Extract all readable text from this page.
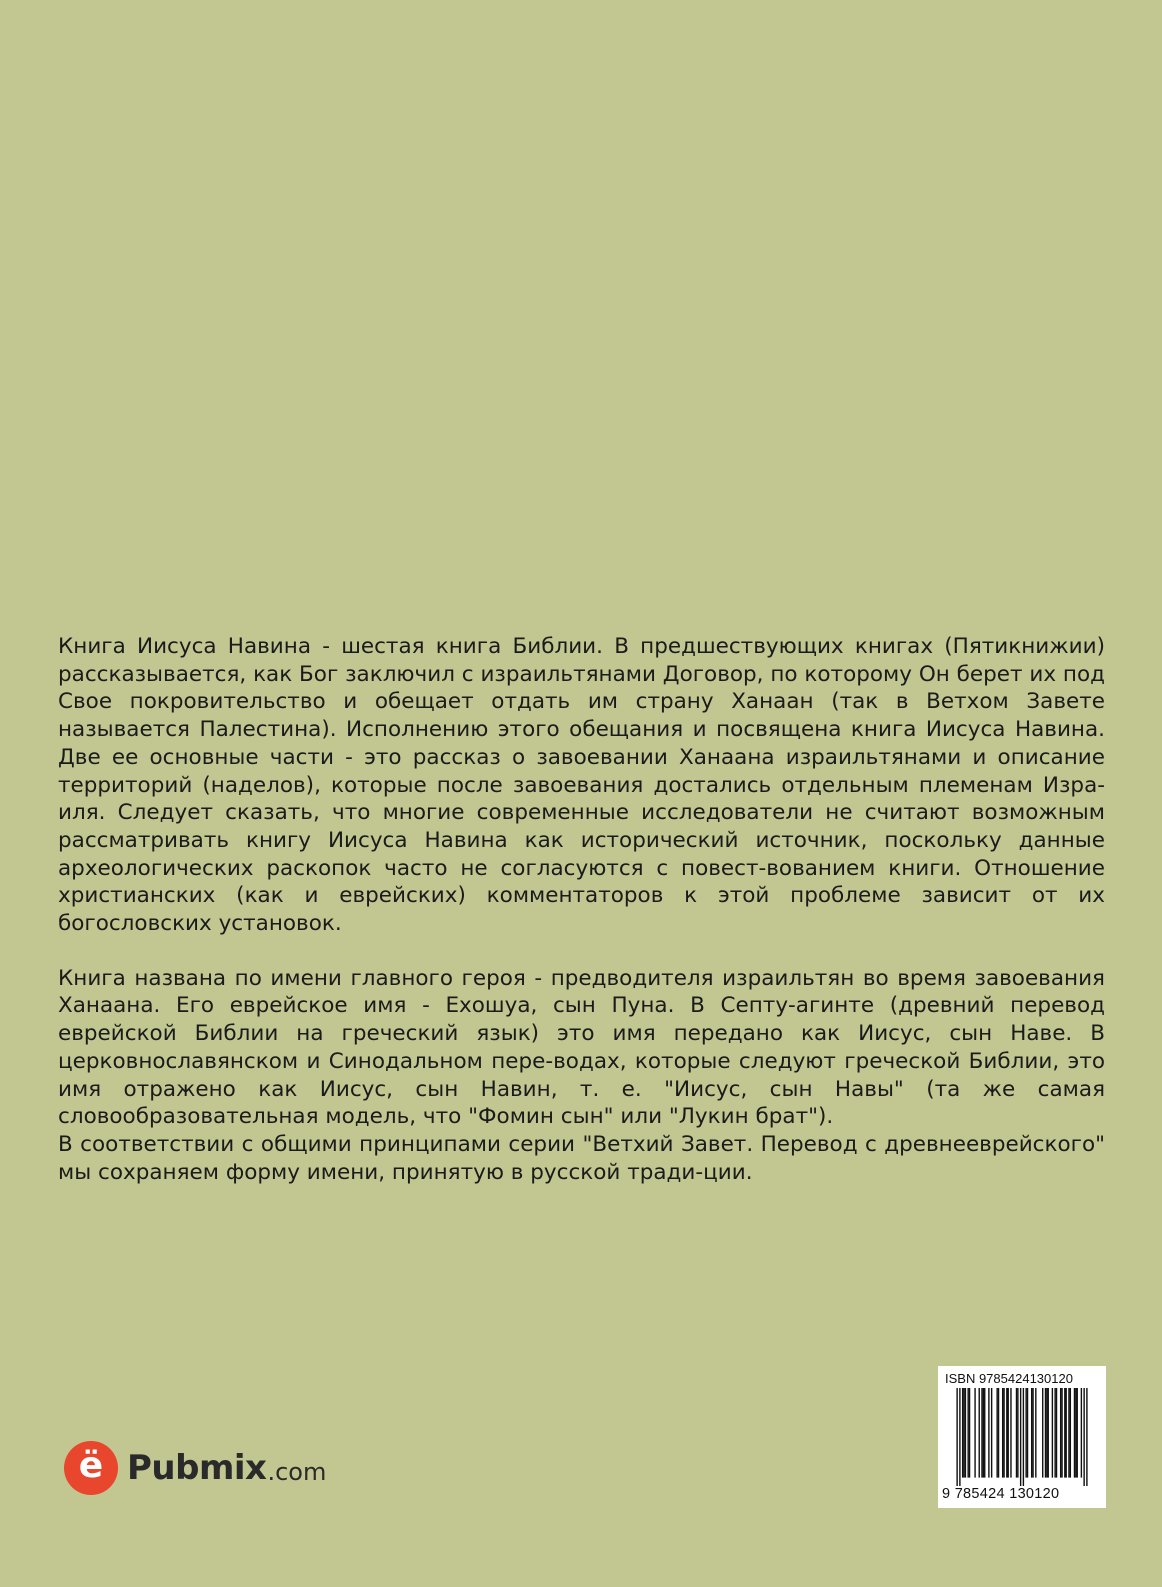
Книга Иисуса Навина - шестая книга Библии. В предшествующих книгах (Пятикнижии) рассказывается, как Бог заключил с израильтянами Договор, по которому Он берет их под Свое покровительство и обещает отдать им страну Ханаан (так в Ветхом Завете называется Палестина). Исполнению этого обещания и посвящена книга Иисуса Навина. Две ее основные части - это рассказ о завоевании Ханаана израильтянами и описание территорий (наделов), которые после завоевания достались отдельным племенам Изра-иля. Следует сказать, что многие современные исследователи не считают возможным рассматривать книгу Иисуса Навина как исторический источник, поскольку данные археологических раскопок часто не согласуются с повест-вованием книги. Отношение христианских (как и еврейских) комментаторов к этой проблеме зависит от их богословских установок.

Книга названа по имени главного героя - предводителя израильтян во время завоевания Ханаана. Его еврейское имя - Ехошуа, сын Пуна. В Септу-агинте (древний перевод еврейской Библии на греческий язык) это имя передано как Иисус, сын Наве. В церковнославянском и Синодальном пере-водах, которые следуют греческой Библии, это имя отражено как Иисус, сын Навин, т. е. "Иисус, сын Навы" (та же самая словообразовательная модель, что "Фомин сын" или "Лукин брат").

В соответствии с общими принципами серии "Ветхий Завет. Перевод с древнееврейского" мы сохраняем форму имени, принятую в русской тради-ции.

ё Pubmix .com
ISBN 9785424130120
9 785424 130120
